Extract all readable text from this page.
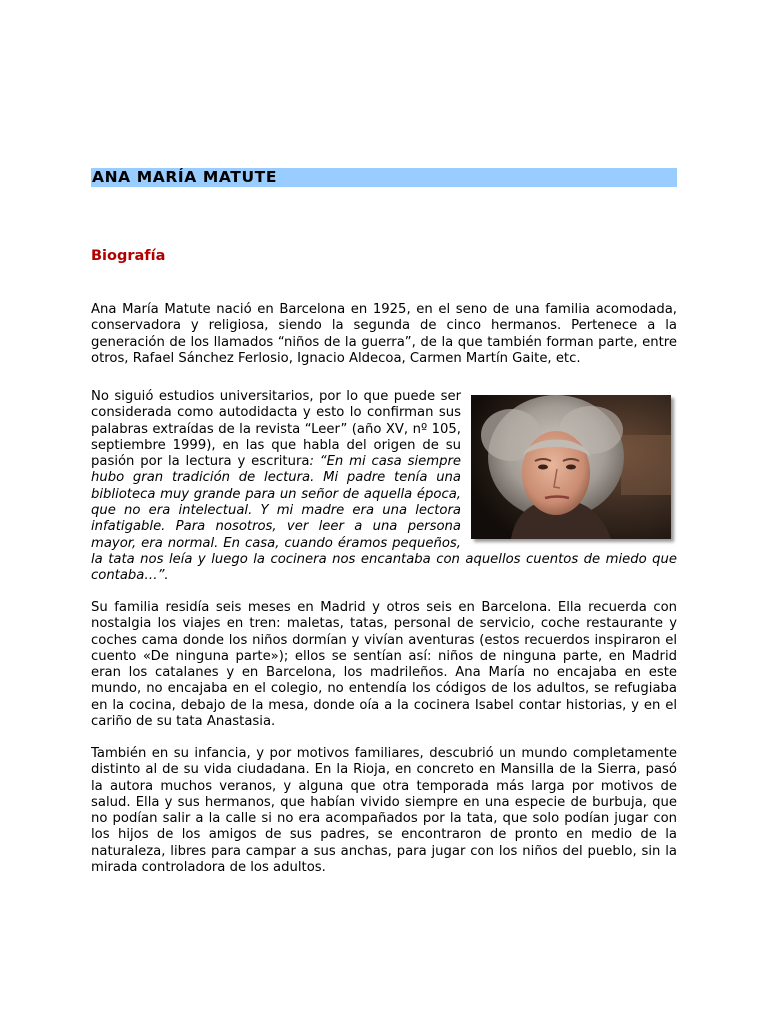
ANA MARÍA MATUTE
Biografía

Ana María Matute nació en Barcelona en 1925, en el seno de una familia acomodada, conservadora y religiosa, siendo la segunda de cinco hermanos. Pertenece a la generación de los llamados “niños de la guerra”, de la que también forman parte, entre otros, Rafael Sánchez Ferlosio, Ignacio Aldecoa, Carmen Martín Gaite, etc.

No siguió estudios universitarios, por lo que puede ser considerada como autodidacta y esto lo confirman sus palabras extraídas de la revista “Leer” (año XV, nº 105, septiembre 1999), en las que habla del origen de su pasión por la lectura y escritura: “En mi casa siempre hubo gran tradición de lectura. Mi padre tenía una biblioteca muy grande para un señor de aquella época, que no era intelectual. Y mi madre era una lectora infatigable. Para nosotros, ver leer a una persona mayor, era normal. En casa, cuando éramos pequeños, la tata nos leía y luego la cocinera nos encantaba con aquellos cuentos de miedo que contaba…”.

Su familia residía seis meses en Madrid y otros seis en Barcelona. Ella recuerda con nostalgia los viajes en tren: maletas, tatas, personal de servicio, coche restaurante y coches cama donde los niños dormían y vivían aventuras (estos recuerdos inspiraron el cuento «De ninguna parte»); ellos se sentían así: niños de ninguna parte, en Madrid eran los catalanes y en Barcelona, los madrileños. Ana María no encajaba en este mundo, no encajaba en el colegio, no entendía los códigos de los adultos, se refugiaba en la cocina, debajo de la mesa, donde oía a la cocinera Isabel contar historias, y en el cariño de su tata Anastasia.

También en su infancia, y por motivos familiares, descubrió un mundo completamente distinto al de su vida ciudadana. En la Rioja, en concreto en Mansilla de la Sierra, pasó la autora muchos veranos, y alguna que otra temporada más larga por motivos de salud. Ella y sus hermanos, que habían vivido siempre en una especie de burbuja, que no podían salir a la calle si no era acompañados por la tata, que solo podían jugar con los hijos de los amigos de sus padres, se encontraron de pronto en medio de la naturaleza, libres para campar a sus anchas, para jugar con los niños del pueblo, sin la mirada controladora de los adultos.
